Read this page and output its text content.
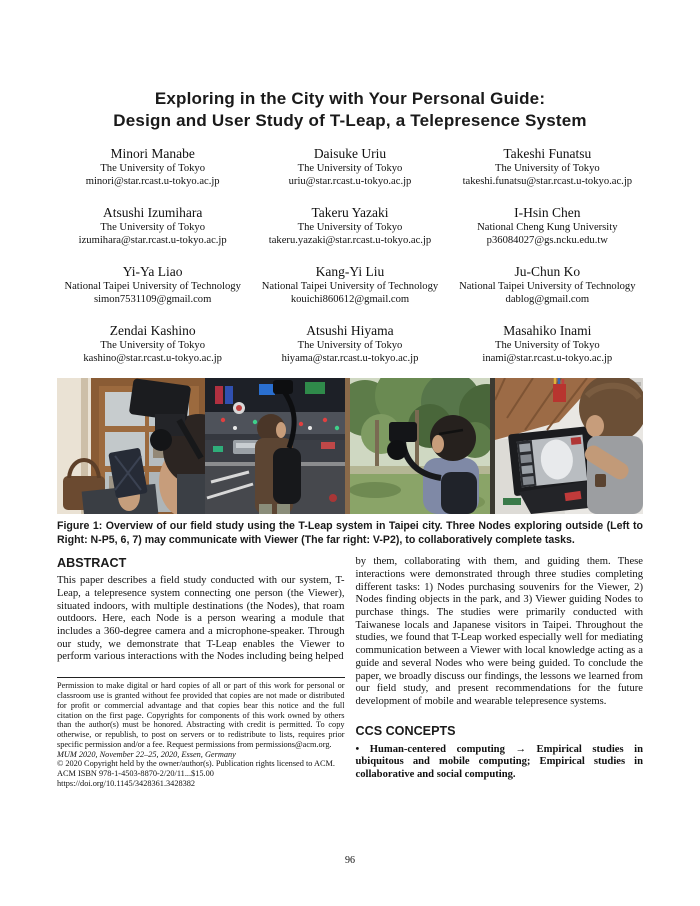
Exploring in the City with Your Personal Guide:
Design and User Study of T-Leap, a Telepresence System
Minori Manabe
The University of Tokyo
minori@star.rcast.u-tokyo.ac.jp
Daisuke Uriu
The University of Tokyo
uriu@star.rcast.u-tokyo.ac.jp
Takeshi Funatsu
The University of Tokyo
takeshi.funatsu@star.rcast.u-tokyo.ac.jp
Atsushi Izumihara
The University of Tokyo
izumihara@star.rcast.u-tokyo.ac.jp
Takeru Yazaki
The University of Tokyo
takeru.yazaki@star.rcast.u-tokyo.ac.jp
I-Hsin Chen
National Cheng Kung University
p36084027@gs.ncku.edu.tw
Yi-Ya Liao
National Taipei University of Technology
simon7531109@gmail.com
Kang-Yi Liu
National Taipei University of Technology
kouichi860612@gmail.com
Ju-Chun Ko
National Taipei University of Technology
dablog@gmail.com
Zendai Kashino
The University of Tokyo
kashino@star.rcast.u-tokyo.ac.jp
Atsushi Hiyama
The University of Tokyo
hiyama@star.rcast.u-tokyo.ac.jp
Masahiko Inami
The University of Tokyo
inami@star.rcast.u-tokyo.ac.jp
Figure 1: Overview of our field study using the T-Leap system in Taipei city. Three Nodes exploring outside (Left to Right: N-P5, 6, 7) may communicate with Viewer (The far right: V-P2), to collaboratively complete tasks.
ABSTRACT

This paper describes a field study conducted with our system, T-Leap, a telepresence system connecting one person (the Viewer), situated indoors, with multiple destinations (the Nodes), that roam outdoors. Here, each Node is a person wearing a module that includes a 360-degree camera and a microphone-speaker. Through our study, we demonstrate that T-Leap enables the Viewer to perform various interactions with the Nodes including being helped

Permission to make digital or hard copies of all or part of this work for personal or classroom use is granted without fee provided that copies are not made or distributed for profit or commercial advantage and that copies bear this notice and the full citation on the first page. Copyrights for components of this work owned by others than the author(s) must be honored. Abstracting with credit is permitted. To copy otherwise, or republish, to post on servers or to redistribute to lists, requires prior specific permission and/or a fee. Request permissions from permissions@acm.org.

MUM 2020, November 22–25, 2020, Essen, Germany

© 2020 Copyright held by the owner/author(s). Publication rights licensed to ACM.

ACM ISBN 978-1-4503-8870-2/20/11...$15.00

https://doi.org/10.1145/3428361.3428382

by them, collaborating with them, and guiding them. These interactions were demonstrated through three studies completing different tasks: 1) Nodes purchasing souvenirs for the Viewer, 2) Nodes finding objects in the park, and 3) Viewer guiding Nodes to purchase things. The studies were primarily conducted with Taiwanese locals and Japanese visitors in Taipei. Throughout the studies, we found that T-Leap worked especially well for mediating communication between a Viewer with local knowledge acting as a guide and several Nodes who were being guided. To conclude the paper, we broadly discuss our findings, the lessons we learned from our field study, and present recommendations for the future development of mobile and wearable telepresence systems.

CCS CONCEPTS

• Human-centered computing → Empirical studies in ubiquitous and mobile computing; Empirical studies in collaborative and social computing.

96
